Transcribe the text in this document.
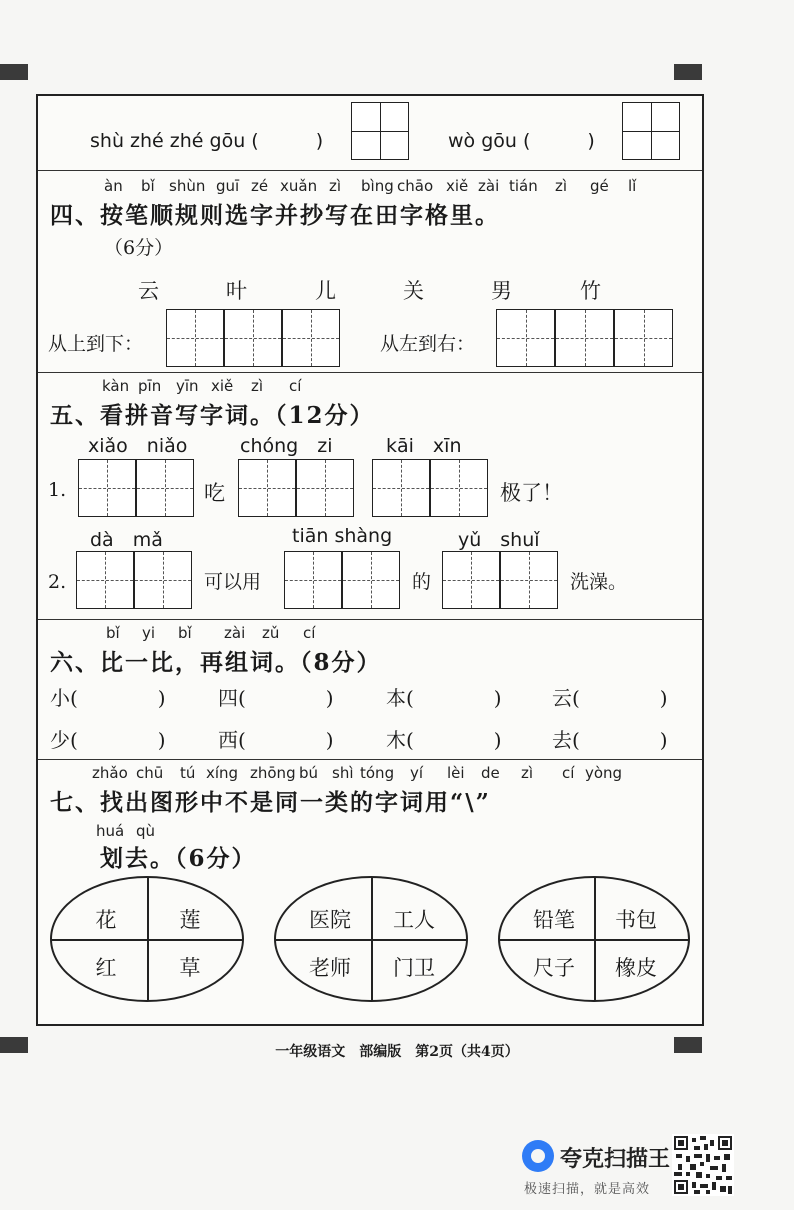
shù zhé zhé gōu (　　　)	wò gōu (　　　)
àn bǐ shùn guī zé xuǎn zì bìng chāo xiě zài tián zì gé lǐ
四、按笔顺规则选字并抄写在田字格里。
（6分）
云	叶	儿	关	男	竹
从上到下：	从左到右：
kàn pīn yīn xiě zì cí
五、看拼音写字词。（12分）
xiǎo　niǎo	chóng　zi	kāi　xīn
1.	吃	极了！
dà　mǎ	tiān shàng	yǔ　shuǐ
2.	可以用	的	洗澡。
bǐ yi bǐ zài zǔ cí
六、比一比，再组词。（8分）
小(　　　　)	四(　　　　)	本(　　　　)	云(　　　　)
少(　　　　)	西(　　　　)	木(　　　　)	去(　　　　)
zhǎo chū tú xíng zhōng bú shì tóng yí lèi de zì cí yòng
七、找出图形中不是同一类的字词用“\”
huá qù
划去。（6分）
花	莲
红	草
医院	工人
老师	门卫
铅笔	书包
尺子	橡皮
一年级语文　部编版　第2页（共4页）
夸克扫描王
极速扫描，就是高效
